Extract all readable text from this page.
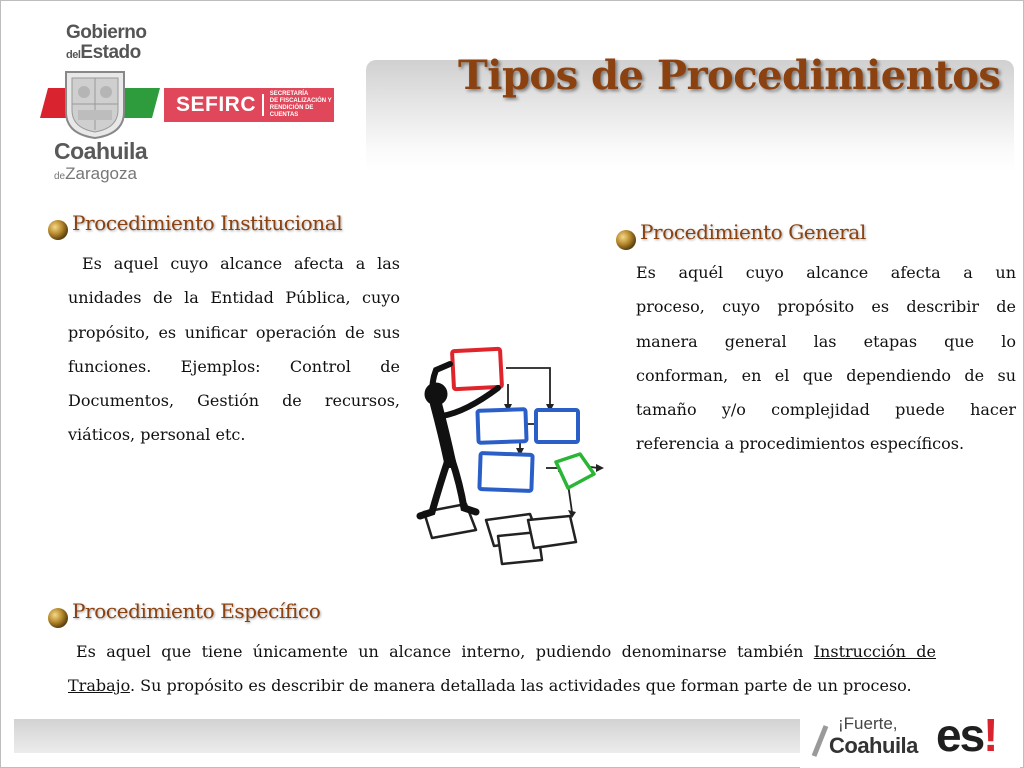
Gobierno
delEstado
SEFIRC SECRETARÍA
DE FISCALIZACIÓN Y
RENDICIÓN DE CUENTAS
Coahuila
deZaragoza
Tipos de Procedimientos
Procedimiento Institucional
Es aquel cuyo alcance afecta a las
unidades de la Entidad Pública, cuyo
propósito, es unificar operación de sus
funciones. Ejemplos: Control de
Documentos, Gestión de recursos,
viáticos, personal etc.
Procedimiento General
Es aquél cuyo alcance afecta a un
proceso, cuyo propósito es describir de
manera general las etapas que lo
conforman, en el que dependiendo de su
tamaño y/o complejidad puede hacer
referencia a procedimientos específicos.
Procedimiento Específico
Es aquel que tiene únicamente un alcance interno, pudiendo denominarse también Instrucción de
Trabajo. Su propósito es describir de manera detallada las actividades que forman parte de un proceso.
¡Fuerte,
Coahuila es!
